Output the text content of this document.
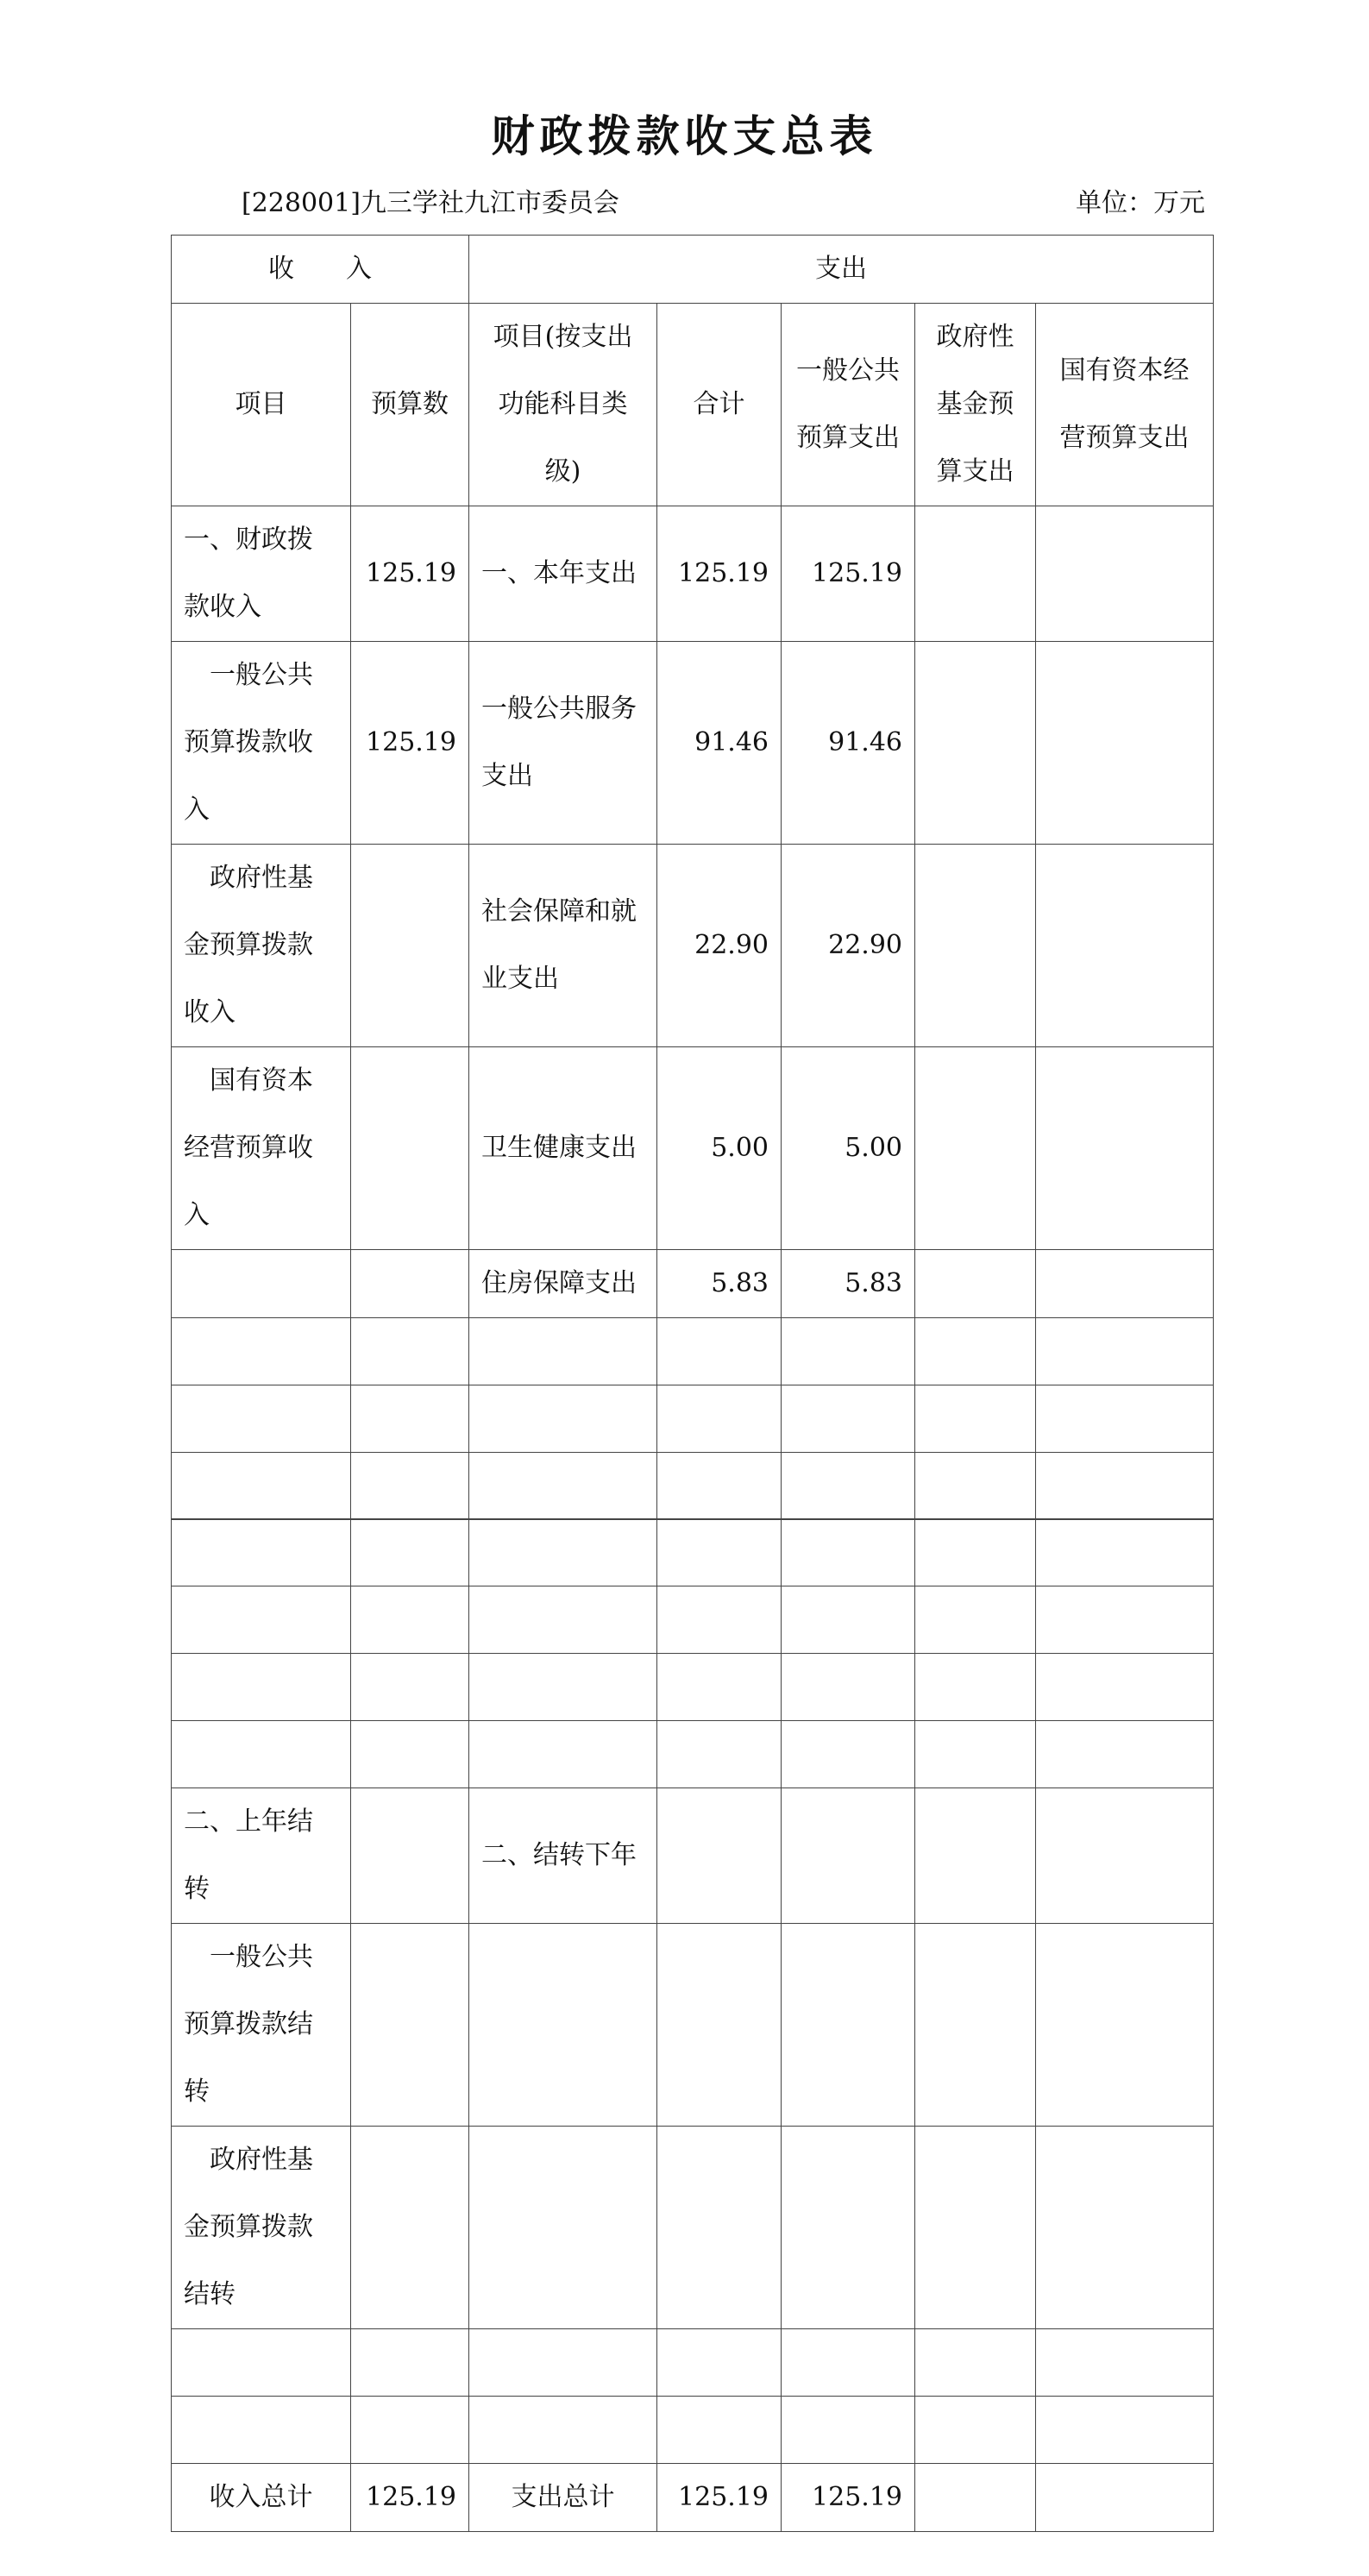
财政拨款收支总表
[228001]九三学社九江市委员会	单位：万元
收　　入		支出				
项目	预算数	项目(按支出功能科目类级)	合计	一般公共预算支出	政府性基金预算支出	国有资本经营预算支出
一、财政拨款收入	125.19	一、本年支出	125.19	125.19		
一般公共预算拨款收入	125.19	一般公共服务支出	91.46	91.46		
政府性基金预算拨款收入		社会保障和就业支出	22.90	22.90		
国有资本经营预算收入		卫生健康支出	5.00	5.00		
		住房保障支出	5.83	5.83		

二、上年结转		二、结转下年				
一般公共预算拨款结转						
政府性基金预算拨款结转						

收入总计	125.19	支出总计	125.19	125.19		
